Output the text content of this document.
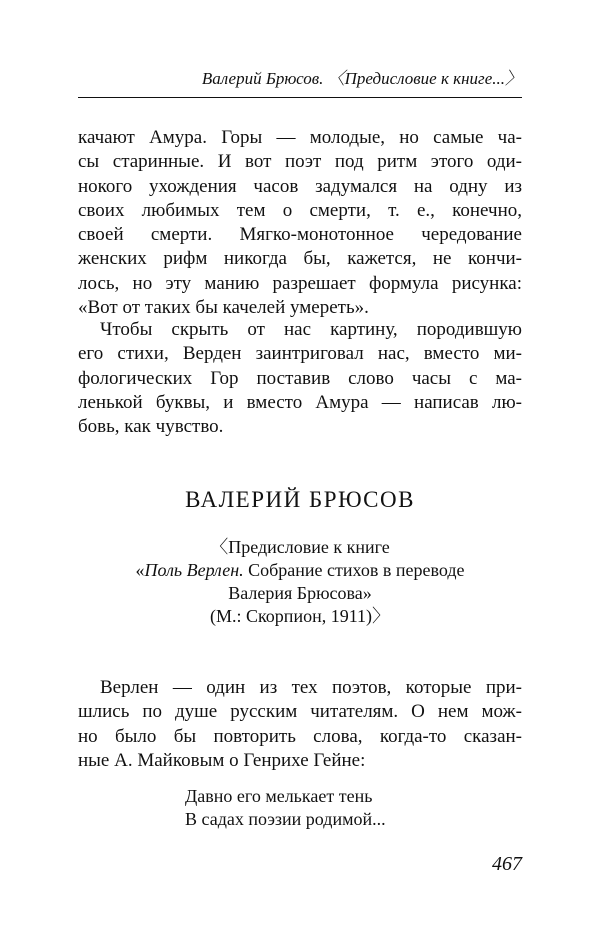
Валерий Брюсов. 〈Предисловие к книге...〉
качают Амура. Горы — молодые, но самые ча-
сы старинные. И вот поэт под ритм этого оди-
нокого ухождения часов задумался на одну из
своих любимых тем о смерти, т. е., конечно,
своей смерти. Мягко-монотонное чередование
женских рифм никогда бы, кажется, не кончи-
лось, но эту манию разрешает формула рисунка:
«Вот от таких бы качелей умереть».
Чтобы скрыть от нас картину, породившую
его стихи, Верден заинтриговал нас, вместо ми-
фологических Гор поставив слово часы с ма-
ленькой буквы, и вместо Амура — написав лю-
бовь, как чувство.
ВАЛЕРИЙ БРЮСОВ
〈Предисловие к книге
«Поль Верлен. Собрание стихов в переводе
Валерия Брюсова»
(М.: Скорпион, 1911)〉
Верлен — один из тех поэтов, которые при-
шлись по душе русским читателям. О нем мож-
но было бы повторить слова, когда-то сказан-
ные А. Майковым о Генрихе Гейне:
Давно его мелькает тень
В садах поэзии родимой...
467
